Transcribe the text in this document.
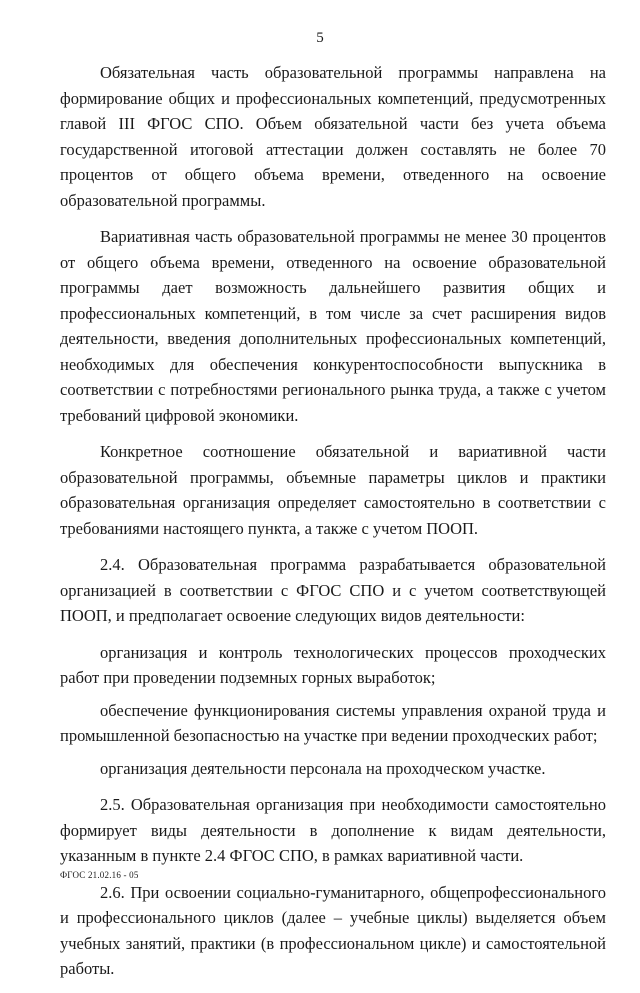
5

Обязательная часть образовательной программы направлена на формирование общих и профессиональных компетенций, предусмотренных главой III ФГОС СПО. Объем обязательной части без учета объема государственной итоговой аттестации должен составлять не более 70 процентов от общего объема времени, отведенного на освоение образовательной программы.

Вариативная часть образовательной программы не менее 30 процентов от общего объема времени, отведенного на освоение образовательной программы дает возможность дальнейшего развития общих и профессиональных компетенций, в том числе за счет расширения видов деятельности, введения дополнительных профессиональных компетенций, необходимых для обеспечения конкурентоспособности выпускника в соответствии с потребностями регионального рынка труда, а также с учетом требований цифровой экономики.

Конкретное соотношение обязательной и вариативной части образовательной программы, объемные параметры циклов и практики образовательная организация определяет самостоятельно в соответствии с требованиями настоящего пункта, а также с учетом ПООП.

2.4. Образовательная программа разрабатывается образовательной организацией в соответствии с ФГОС СПО и с учетом соответствующей ПООП, и предполагает освоение следующих видов деятельности:

организация и контроль технологических процессов проходческих работ при проведении подземных горных выработок;

обеспечение функционирования системы управления охраной труда и промышленной безопасностью на участке при ведении проходческих работ;

организация деятельности персонала на проходческом участке.

2.5. Образовательная организация при необходимости самостоятельно формирует виды деятельности в дополнение к видам деятельности, указанным в пункте 2.4 ФГОС СПО, в рамках вариативной части.

2.6. При освоении социально-гуманитарного, общепрофессионального и профессионального циклов (далее – учебные циклы) выделяется объем учебных занятий, практики (в профессиональном цикле) и самостоятельной работы.

ФГОС 21.02.16 - 05
